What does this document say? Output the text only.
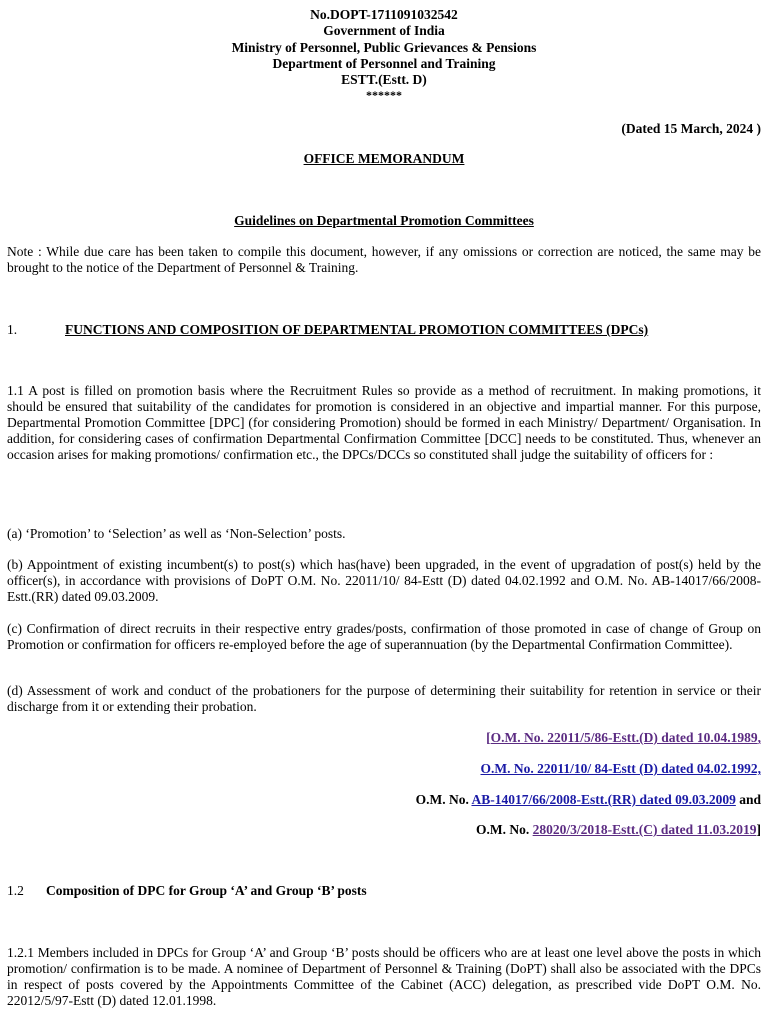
No.DOPT-1711091032542
Government of India
Ministry of Personnel, Public Grievances & Pensions
Department of Personnel and Training
ESTT.(Estt. D)
******
(Dated 15 March, 2024 )
OFFICE MEMORANDUM
Guidelines on Departmental Promotion Committees
Note : While due care has been taken to compile this document, however, if any omissions or correction are noticed, the same may be brought to the notice of the Department of Personnel & Training.
1.	FUNCTIONS AND COMPOSITION OF DEPARTMENTAL PROMOTION COMMITTEES (DPCs)
1.1 A post is filled on promotion basis where the Recruitment Rules so provide as a method of recruitment. In making promotions, it should be ensured that suitability of the candidates for promotion is considered in an objective and impartial manner. For this purpose, Departmental Promotion Committee [DPC] (for considering Promotion) should be formed in each Ministry/ Department/ Organisation. In addition, for considering cases of confirmation Departmental Confirmation Committee [DCC] needs to be constituted. Thus, whenever an occasion arises for making promotions/ confirmation etc., the DPCs/DCCs so constituted shall judge the suitability of officers for :
(a) ‘Promotion’ to ‘Selection’ as well as ‘Non-Selection’ posts.
(b) Appointment of existing incumbent(s) to post(s) which has(have) been upgraded, in the event of upgradation of post(s) held by the officer(s), in accordance with provisions of DoPT O.M. No. 22011/10/ 84-Estt (D) dated 04.02.1992 and O.M. No. AB-14017/66/2008-Estt.(RR) dated 09.03.2009.
(c) Confirmation of direct recruits in their respective entry grades/posts, confirmation of those promoted in case of change of Group on Promotion or confirmation for officers re-employed before the age of superannuation (by the Departmental Confirmation Committee).
(d) Assessment of work and conduct of the probationers for the purpose of determining their suitability for retention in service or their discharge from it or extending their probation.
[O.M. No. 22011/5/86-Estt.(D) dated 10.04.1989,
O.M. No. 22011/10/ 84-Estt (D) dated 04.02.1992,
O.M. No. AB-14017/66/2008-Estt.(RR) dated 09.03.2009 and
O.M. No. 28020/3/2018-Estt.(C) dated 11.03.2019]
1.2 Composition of DPC for Group ‘A’ and Group ‘B’ posts
1.2.1 Members included in DPCs for Group ‘A’ and Group ‘B’ posts should be officers who are at least one level above the posts in which promotion/ confirmation is to be made. A nominee of Department of Personnel & Training (DoPT) shall also be associated with the DPCs in respect of posts covered by the Appointments Committee of the Cabinet (ACC) delegation, as prescribed vide DoPT O.M. No. 22012/5/97-Estt (D) dated 12.01.1998.
